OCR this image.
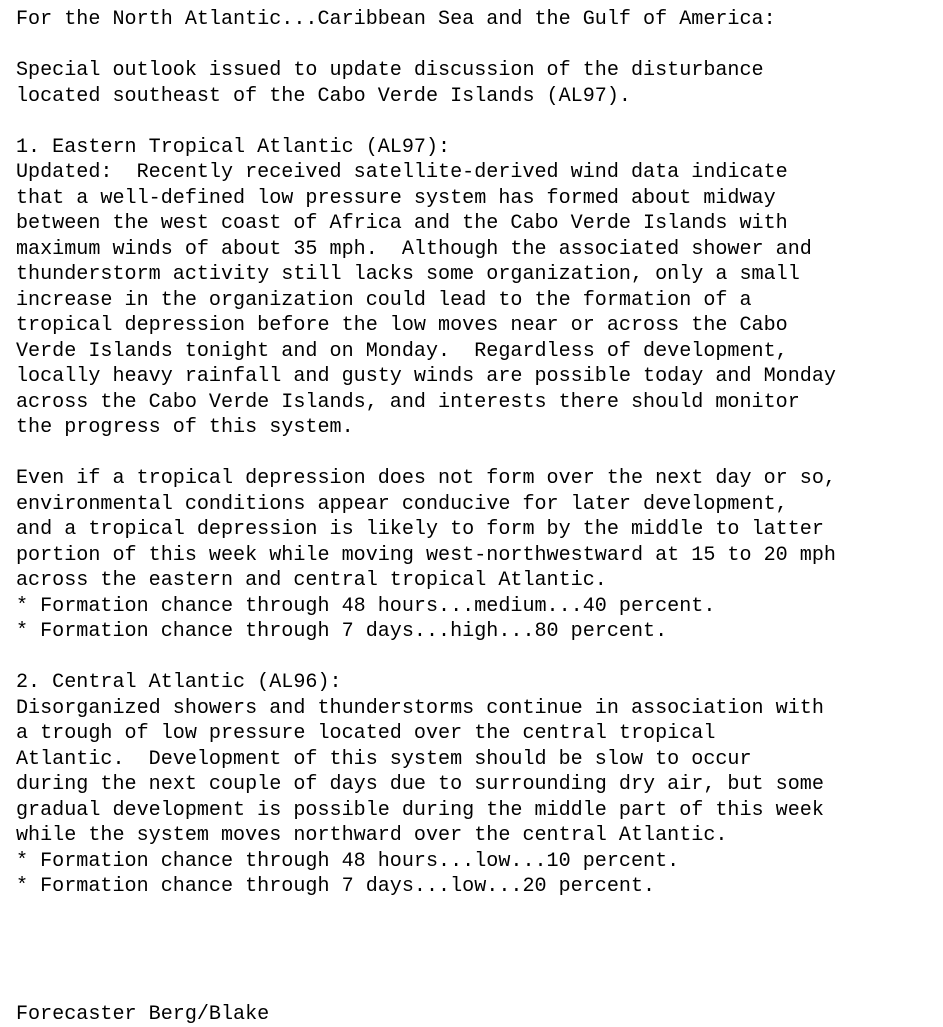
For the North Atlantic...Caribbean Sea and the Gulf of America:
Special outlook issued to update discussion of the disturbance
located southeast of the Cabo Verde Islands (AL97).
1. Eastern Tropical Atlantic (AL97):
Updated:  Recently received satellite-derived wind data indicate
that a well-defined low pressure system has formed about midway
between the west coast of Africa and the Cabo Verde Islands with
maximum winds of about 35 mph.  Although the associated shower and
thunderstorm activity still lacks some organization, only a small
increase in the organization could lead to the formation of a
tropical depression before the low moves near or across the Cabo
Verde Islands tonight and on Monday.  Regardless of development,
locally heavy rainfall and gusty winds are possible today and Monday
across the Cabo Verde Islands, and interests there should monitor
the progress of this system.
Even if a tropical depression does not form over the next day or so,
environmental conditions appear conducive for later development,
and a tropical depression is likely to form by the middle to latter
portion of this week while moving west-northwestward at 15 to 20 mph
across the eastern and central tropical Atlantic.
* Formation chance through 48 hours...medium...40 percent.
* Formation chance through 7 days...high...80 percent.
2. Central Atlantic (AL96):
Disorganized showers and thunderstorms continue in association with
a trough of low pressure located over the central tropical
Atlantic.  Development of this system should be slow to occur
during the next couple of days due to surrounding dry air, but some
gradual development is possible during the middle part of this week
while the system moves northward over the central Atlantic.
* Formation chance through 48 hours...low...10 percent.
* Formation chance through 7 days...low...20 percent.
Forecaster Berg/Blake
